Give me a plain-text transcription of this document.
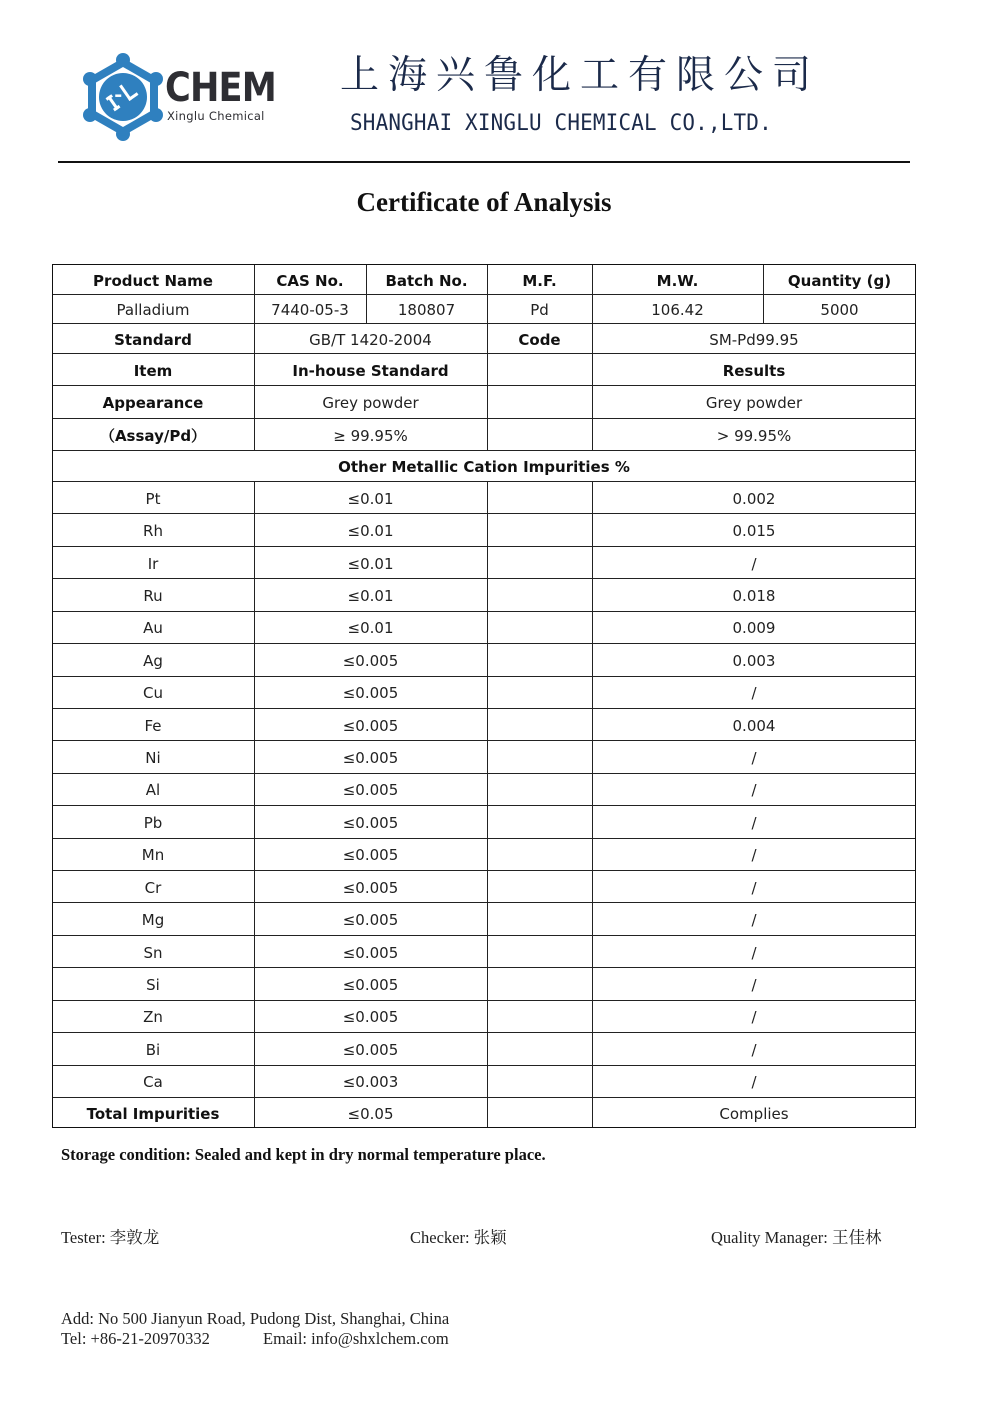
CHEM
Xinglu Chemical
上海兴鲁化工有限公司
SHANGHAI XINGLU CHEMICAL CO.,LTD.
Certificate of Analysis
Product Name	CAS No.	Batch No.	M.F.	M.W.	Quantity (g)
Palladium	7440-05-3	180807	Pd	106.42	5000
Standard	GB/T 1420-2004	Code	SM-Pd99.95
Item	In-house Standard	Results
Appearance	Grey powder	Grey powder
（Assay/Pd）	≥ 99.95%	> 99.95%
Other Metallic Cation Impurities %
Pt	≤0.01	0.002
Rh	≤0.01	0.015
Ir	≤0.01	/
Ru	≤0.01	0.018
Au	≤0.01	0.009
Ag	≤0.005	0.003
Cu	≤0.005	/
Fe	≤0.005	0.004
Ni	≤0.005	/
Al	≤0.005	/
Pb	≤0.005	/
Mn	≤0.005	/
Cr	≤0.005	/
Mg	≤0.005	/
Sn	≤0.005	/
Si	≤0.005	/
Zn	≤0.005	/
Bi	≤0.005	/
Ca	≤0.003	/
Total Impurities	≤0.05	Complies
Storage condition: Sealed and kept in dry normal temperature place.
Tester: 李敦龙	Checker: 张颖	Quality Manager: 王佳林
Add: No 500 Jianyun Road, Pudong Dist, Shanghai, China
Tel: +86-21-20970332	Email: info@shxlchem.com
